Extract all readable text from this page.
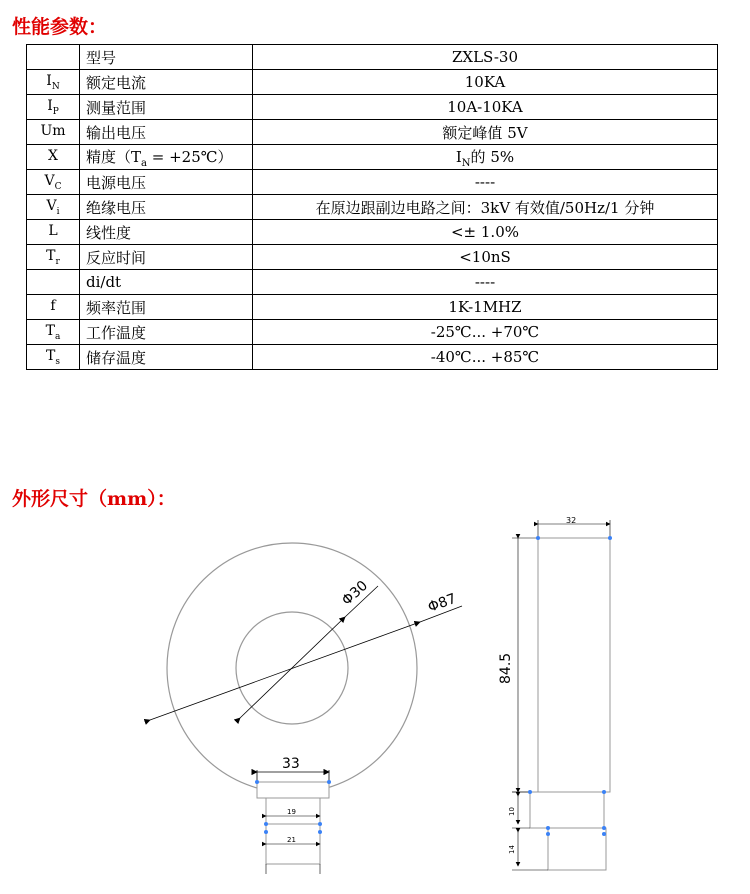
性能参数：
	型号	ZXLS-30
$I_N$	额定电流	10KA
$I_P$	测量范围	10A-10KA
Um	输出电压	额定峰值 5V
X	精度（$T_a$ = +25℃）	$I_N$的 5%
$V_C$	电源电压	----
$V_i$	绝缘电压	在原边跟副边电路之间：3kV 有效值/50Hz/1 分钟
L	线性度	<± 1.0%
$T_r$	反应时间	<10nS
	di/dt	----
f	频率范围	1K-1MHZ
$T_a$	工作温度	-25℃... +70℃
$T_s$	储存温度	-40℃... +85℃
外形尺寸（mm）：
Φ30	Φ87
33
19
21
32
84.5
10
14
